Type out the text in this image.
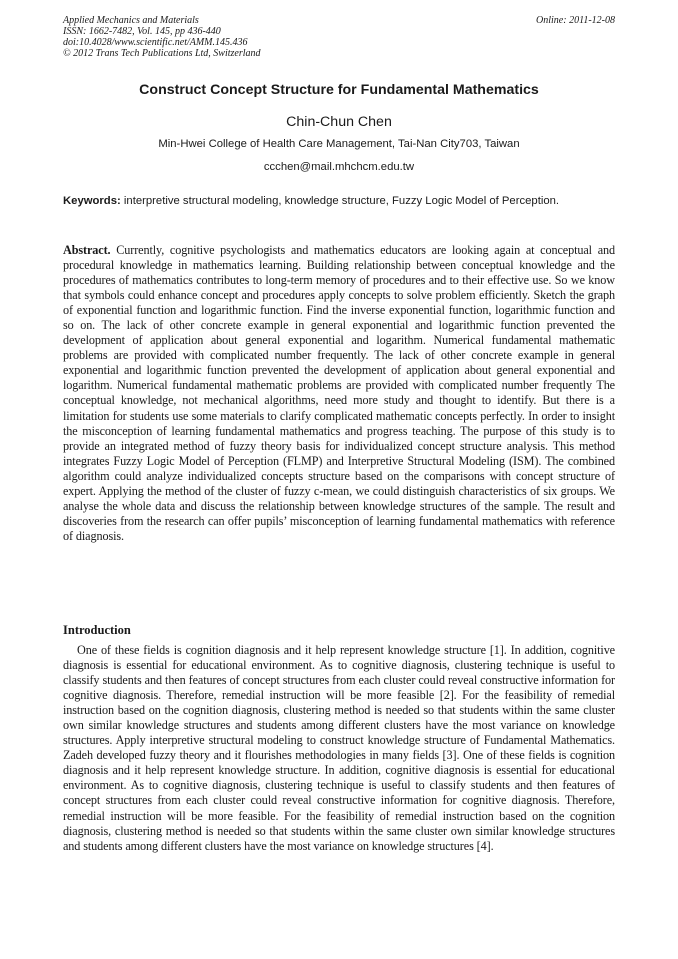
Applied Mechanics and Materials
ISSN: 1662-7482, Vol. 145, pp 436-440
doi:10.4028/www.scientific.net/AMM.145.436
© 2012 Trans Tech Publications Ltd, Switzerland
Online: 2011-12-08
Construct Concept Structure for Fundamental Mathematics
Chin-Chun Chen
Min-Hwei College of Health Care Management, Tai-Nan City703, Taiwan
ccchen@mail.mhchcm.edu.tw
Keywords: interpretive structural modeling, knowledge structure, Fuzzy Logic Model of Perception.
Abstract. Currently, cognitive psychologists and mathematics educators are looking again at conceptual and procedural knowledge in mathematics learning. Building relationship between conceptual knowledge and the procedures of mathematics contributes to long-term memory of procedures and to their effective use. So we know that symbols could enhance concept and procedures apply concepts to solve problem efficiently. Sketch the graph of exponential function and logarithmic function. Find the inverse exponential function, logarithmic function and so on. The lack of other concrete example in general exponential and logarithmic function prevented the development of application about general exponential and logarithm. Numerical fundamental mathematic problems are provided with complicated number frequently. The lack of other concrete example in general exponential and logarithmic function prevented the development of application about general exponential and logarithm. Numerical fundamental mathematic problems are provided with complicated number frequently The conceptual knowledge, not mechanical algorithms, need more study and thought to identify. But there is a limitation for students use some materials to clarify complicated mathematic concepts perfectly. In order to insight the misconception of learning fundamental mathematics and progress teaching. The purpose of this study is to provide an integrated method of fuzzy theory basis for individualized concept structure analysis. This method integrates Fuzzy Logic Model of Perception (FLMP) and Interpretive Structural Modeling (ISM). The combined algorithm could analyze individualized concepts structure based on the comparisons with concept structure of expert. Applying the method of the cluster of fuzzy c-mean, we could distinguish characteristics of six groups. We analyse the whole data and discuss the relationship between knowledge structures of the sample. The result and discoveries from the research can offer pupils’ misconception of learning fundamental mathematics with reference of diagnosis.
Introduction
One of these fields is cognition diagnosis and it help represent knowledge structure [1]. In addition, cognitive diagnosis is essential for educational environment. As to cognitive diagnosis, clustering technique is useful to classify students and then features of concept structures from each cluster could reveal constructive information for cognitive diagnosis. Therefore, remedial instruction will be more feasible [2]. For the feasibility of remedial instruction based on the cognition diagnosis, clustering method is needed so that students within the same cluster own similar knowledge structures and students among different clusters have the most variance on knowledge structures. Apply interpretive structural modeling to construct knowledge structure of Fundamental Mathematics. Zadeh developed fuzzy theory and it flourishes methodologies in many fields [3]. One of these fields is cognition diagnosis and it help represent knowledge structure. In addition, cognitive diagnosis is essential for educational environment. As to cognitive diagnosis, clustering technique is useful to classify students and then features of concept structures from each cluster could reveal constructive information for cognitive diagnosis. Therefore, remedial instruction will be more feasible. For the feasibility of remedial instruction based on the cognition diagnosis, clustering method is needed so that students within the same cluster own similar knowledge structures and students among different clusters have the most variance on knowledge structures [4].
